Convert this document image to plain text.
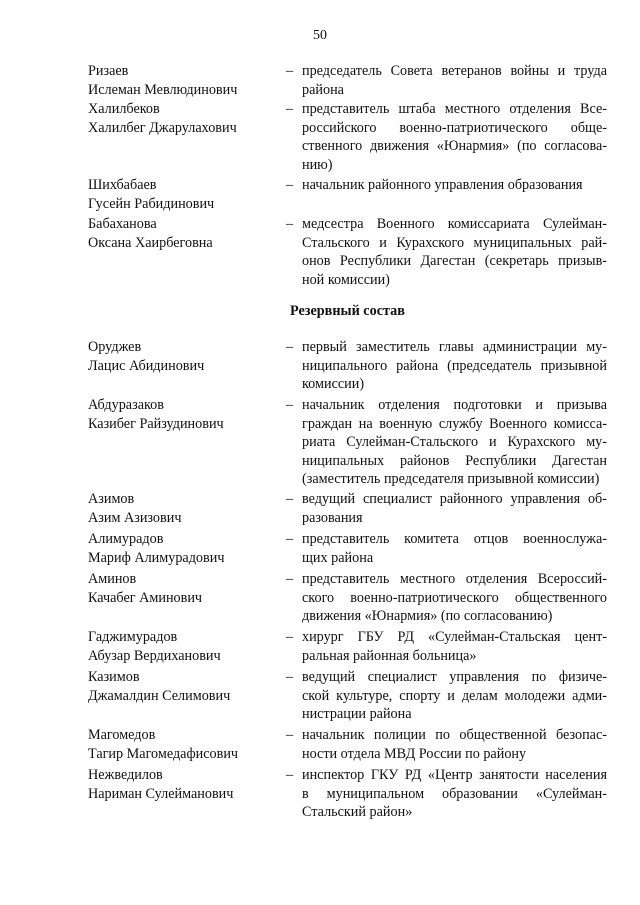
50
Ризаев
Ислеман Мевлюдинович
– председатель Совета ветеранов войны и труда
района
Халилбеков
Халилбег Джарулахович
– представитель штаба местного отделения Все-
российского военно-патриотического обще-
ственного движения «Юнармия» (по согласова-
нию)
Шихбабаев
Гусейн Рабидинович
– начальник районного управления образования
Бабаханова
Оксана Хаирбеговна
– медсестра Военного комиссариата Сулейман-
Стальского и Курахского муниципальных рай-
онов Республики Дагестан (секретарь призыв-
ной комиссии)
Резервный состав
Оруджев
Лацис Абидинович
– первый заместитель главы администрации му-
ниципального района (председатель призывной
комиссии)
Абдуразаков
Казибег Райзудинович
– начальник отделения подготовки и призыва
граждан на военную службу Военного комисса-
риата Сулейман-Стальского и Курахского му-
ниципальных районов Республики Дагестан
(заместитель председателя призывной комиссии)
Азимов
Азим Азизович
– ведущий специалист районного управления об-
разования
Алимурадов
Мариф Алимурадович
– представитель комитета отцов военнослужа-
щих района
Аминов
Качабег Аминович
– представитель местного отделения Всероссий-
ского военно-патриотического общественного
движения «Юнармия» (по согласованию)
Гаджимурадов
Абузар Вердиханович
– хирург ГБУ РД «Сулейман-Стальская цент-
ральная районная больница»
Казимов
Джамалдин Селимович
– ведущий специалист управления по физиче-
ской культуре, спорту и делам молодежи адми-
нистрации района
Магомедов
Тагир Магомедафисович
– начальник полиции по общественной безопас-
ности отдела МВД России по району
Нежведилов
Нариман Сулейманович
– инспектор ГКУ РД «Центр занятости населения
в муниципальном образовании «Сулейман-
Стальский район»
